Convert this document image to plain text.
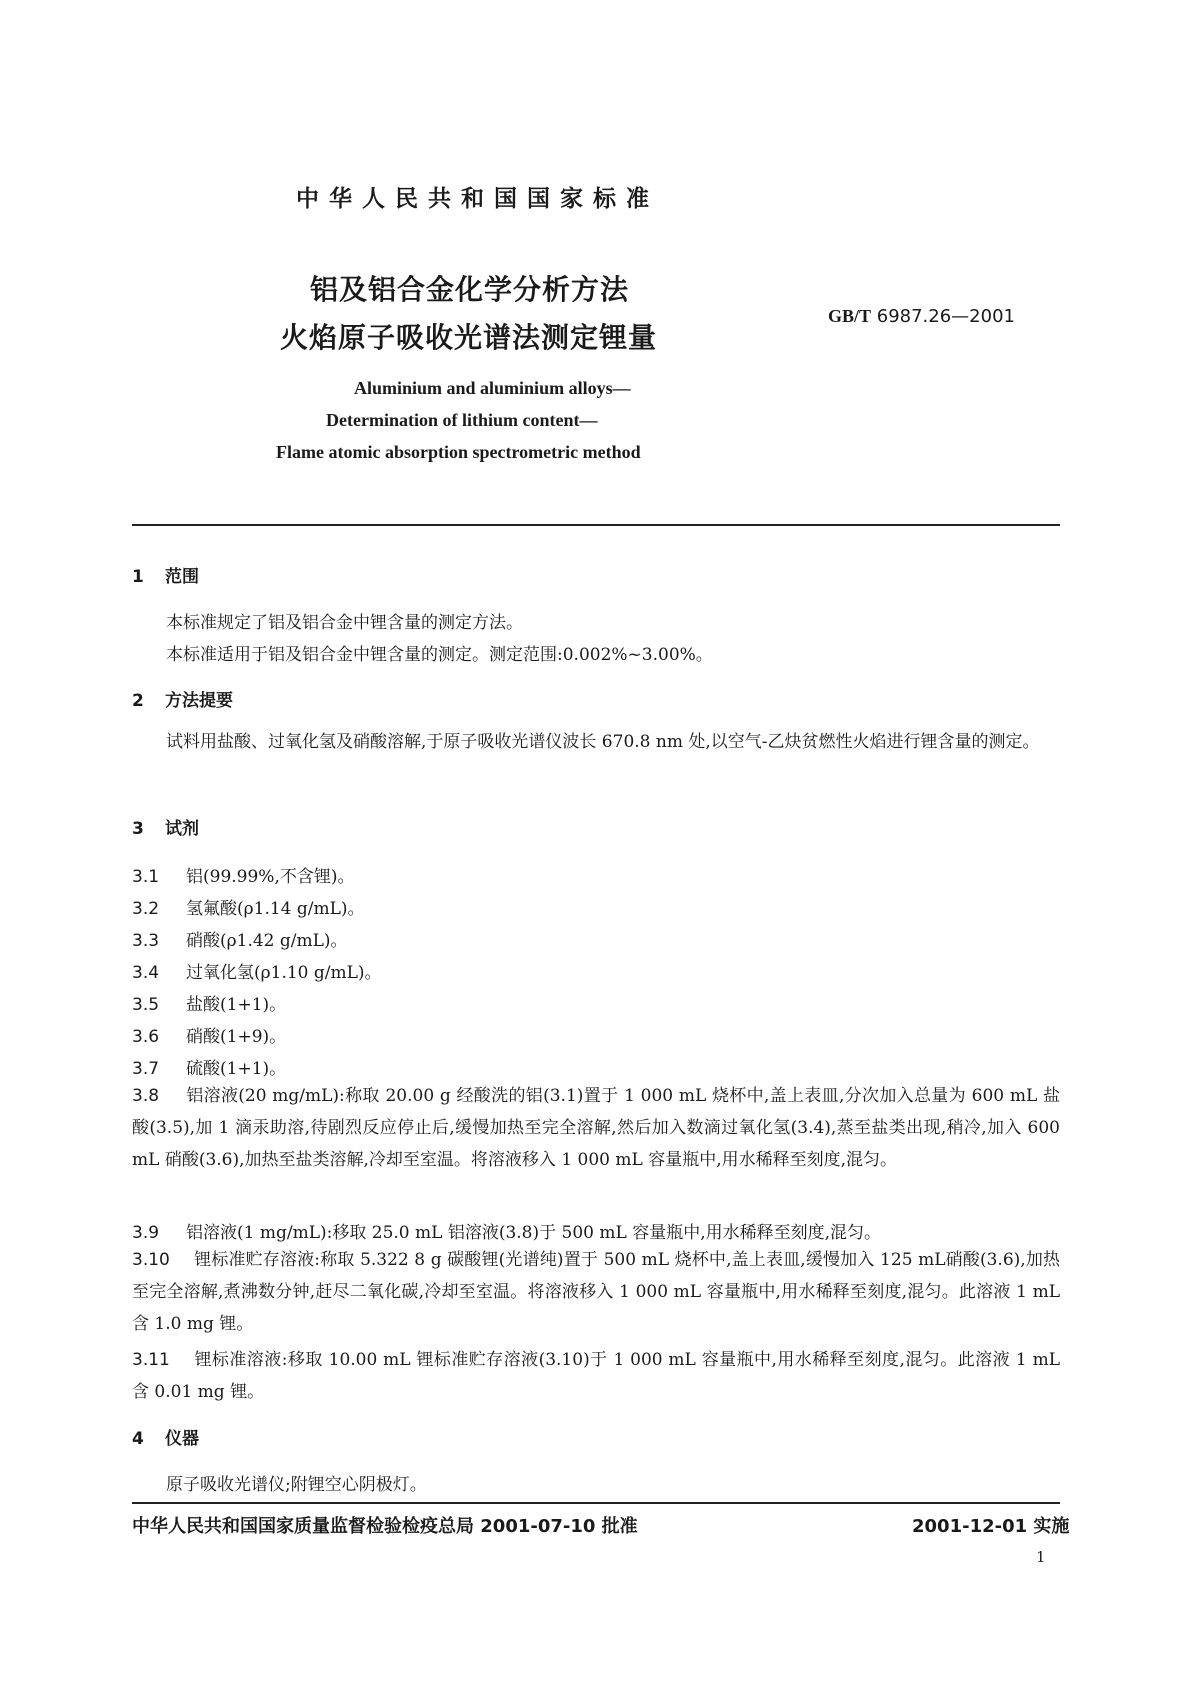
中华人民共和国国家标准
铝及铝合金化学分析方法
火焰原子吸收光谱法测定锂量
GB/T 6987.26—2001
Aluminium and aluminium alloys—
Determination of lithium content—
Flame atomic absorption spectrometric method
1 范围
本标准规定了铝及铝合金中锂含量的测定方法。
本标准适用于铝及铝合金中锂含量的测定。测定范围:0.002%~3.00%。
2 方法提要
试料用盐酸、过氧化氢及硝酸溶解,于原子吸收光谱仪波长 670.8 nm 处,以空气-乙炔贫燃性火焰进行锂含量的测定。
3 试剂
3.1 铝(99.99%,不含锂)。
3.2 氢氟酸(ρ1.14 g/mL)。
3.3 硝酸(ρ1.42 g/mL)。
3.4 过氧化氢(ρ1.10 g/mL)。
3.5 盐酸(1+1)。
3.6 硝酸(1+9)。
3.7 硫酸(1+1)。
3.8 铝溶液(20 mg/mL):称取 20.00 g 经酸洗的铝(3.1)置于 1 000 mL 烧杯中,盖上表皿,分次加入总量为 600 mL 盐酸(3.5),加 1 滴汞助溶,待剧烈反应停止后,缓慢加热至完全溶解,然后加入数滴过氧化氢(3.4),蒸至盐类出现,稍冷,加入 600 mL 硝酸(3.6),加热至盐类溶解,冷却至室温。将溶液移入 1 000 mL 容量瓶中,用水稀释至刻度,混匀。
3.9 铝溶液(1 mg/mL):移取 25.0 mL 铝溶液(3.8)于 500 mL 容量瓶中,用水稀释至刻度,混匀。
3.10 锂标准贮存溶液:称取 5.322 8 g 碳酸锂(光谱纯)置于 500 mL 烧杯中,盖上表皿,缓慢加入 125 mL硝酸(3.6),加热至完全溶解,煮沸数分钟,赶尽二氧化碳,冷却至室温。将溶液移入 1 000 mL 容量瓶中,用水稀释至刻度,混匀。此溶液 1 mL 含 1.0 mg 锂。
3.11 锂标准溶液:移取 10.00 mL 锂标准贮存溶液(3.10)于 1 000 mL 容量瓶中,用水稀释至刻度,混匀。此溶液 1 mL 含 0.01 mg 锂。
4 仪器
原子吸收光谱仪;附锂空心阴极灯。
中华人民共和国国家质量监督检验检疫总局 2001-07-10 批准	2001-12-01 实施
1
